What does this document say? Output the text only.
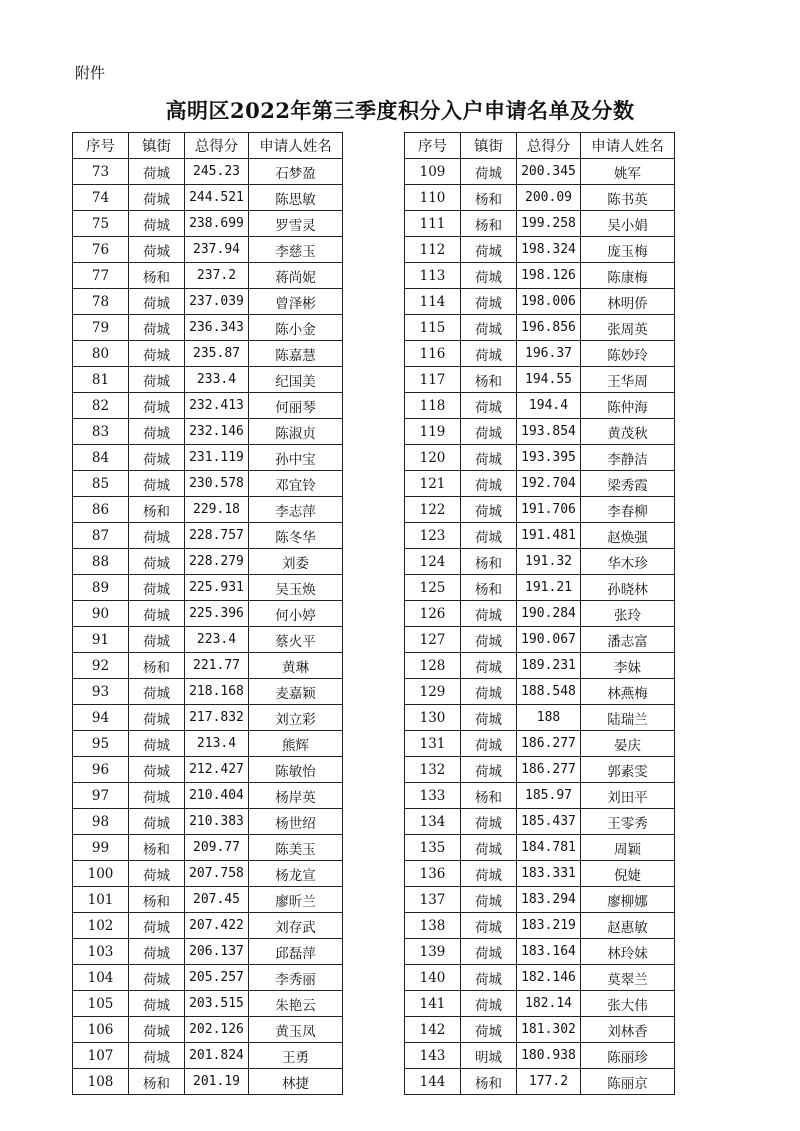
附件
高明区2022年第三季度积分入户申请名单及分数
序号	镇街	总得分	申请人姓名
73	荷城	245.23	石梦盈
74	荷城	244.521	陈思敏
75	荷城	238.699	罗雪灵
76	荷城	237.94	李慈玉
77	杨和	237.2	蒋尚妮
78	荷城	237.039	曾泽彬
79	荷城	236.343	陈小金
80	荷城	235.87	陈嘉慧
81	荷城	233.4	纪国美
82	荷城	232.413	何丽琴
83	荷城	232.146	陈淑贞
84	荷城	231.119	孙中宝
85	荷城	230.578	邓宜铃
86	杨和	229.18	李志萍
87	荷城	228.757	陈冬华
88	荷城	228.279	刘委
89	荷城	225.931	吴玉焕
90	荷城	225.396	何小婷
91	荷城	223.4	蔡火平
92	杨和	221.77	黄琳
93	荷城	218.168	麦嘉颖
94	荷城	217.832	刘立彩
95	荷城	213.4	熊辉
96	荷城	212.427	陈敏怡
97	荷城	210.404	杨岸英
98	荷城	210.383	杨世绍
99	杨和	209.77	陈美玉
100	荷城	207.758	杨龙宣
101	杨和	207.45	廖昕兰
102	荷城	207.422	刘存武
103	荷城	206.137	邱磊萍
104	荷城	205.257	李秀丽
105	荷城	203.515	朱艳云
106	荷城	202.126	黄玉凤
107	荷城	201.824	王勇
108	杨和	201.19	林捷
序号	镇街	总得分	申请人姓名
109	荷城	200.345	姚军
110	杨和	200.09	陈书英
111	杨和	199.258	吴小娟
112	荷城	198.324	庞玉梅
113	荷城	198.126	陈康梅
114	荷城	198.006	林明侨
115	荷城	196.856	张周英
116	荷城	196.37	陈妙玲
117	杨和	194.55	王华周
118	荷城	194.4	陈仲海
119	荷城	193.854	黄茂秋
120	荷城	193.395	李静洁
121	荷城	192.704	梁秀霞
122	荷城	191.706	李春柳
123	荷城	191.481	赵焕强
124	杨和	191.32	华木珍
125	杨和	191.21	孙晓林
126	荷城	190.284	张玲
127	荷城	190.067	潘志富
128	荷城	189.231	李妹
129	荷城	188.548	林燕梅
130	荷城	188	陆瑞兰
131	荷城	186.277	晏庆
132	荷城	186.277	郭素雯
133	杨和	185.97	刘田平
134	荷城	185.437	王零秀
135	荷城	184.781	周颖
136	荷城	183.331	倪婕
137	荷城	183.294	廖柳娜
138	荷城	183.219	赵惠敏
139	荷城	183.164	林玲妹
140	荷城	182.146	莫翠兰
141	荷城	182.14	张大伟
142	荷城	181.302	刘林香
143	明城	180.938	陈丽珍
144	杨和	177.2	陈丽京
